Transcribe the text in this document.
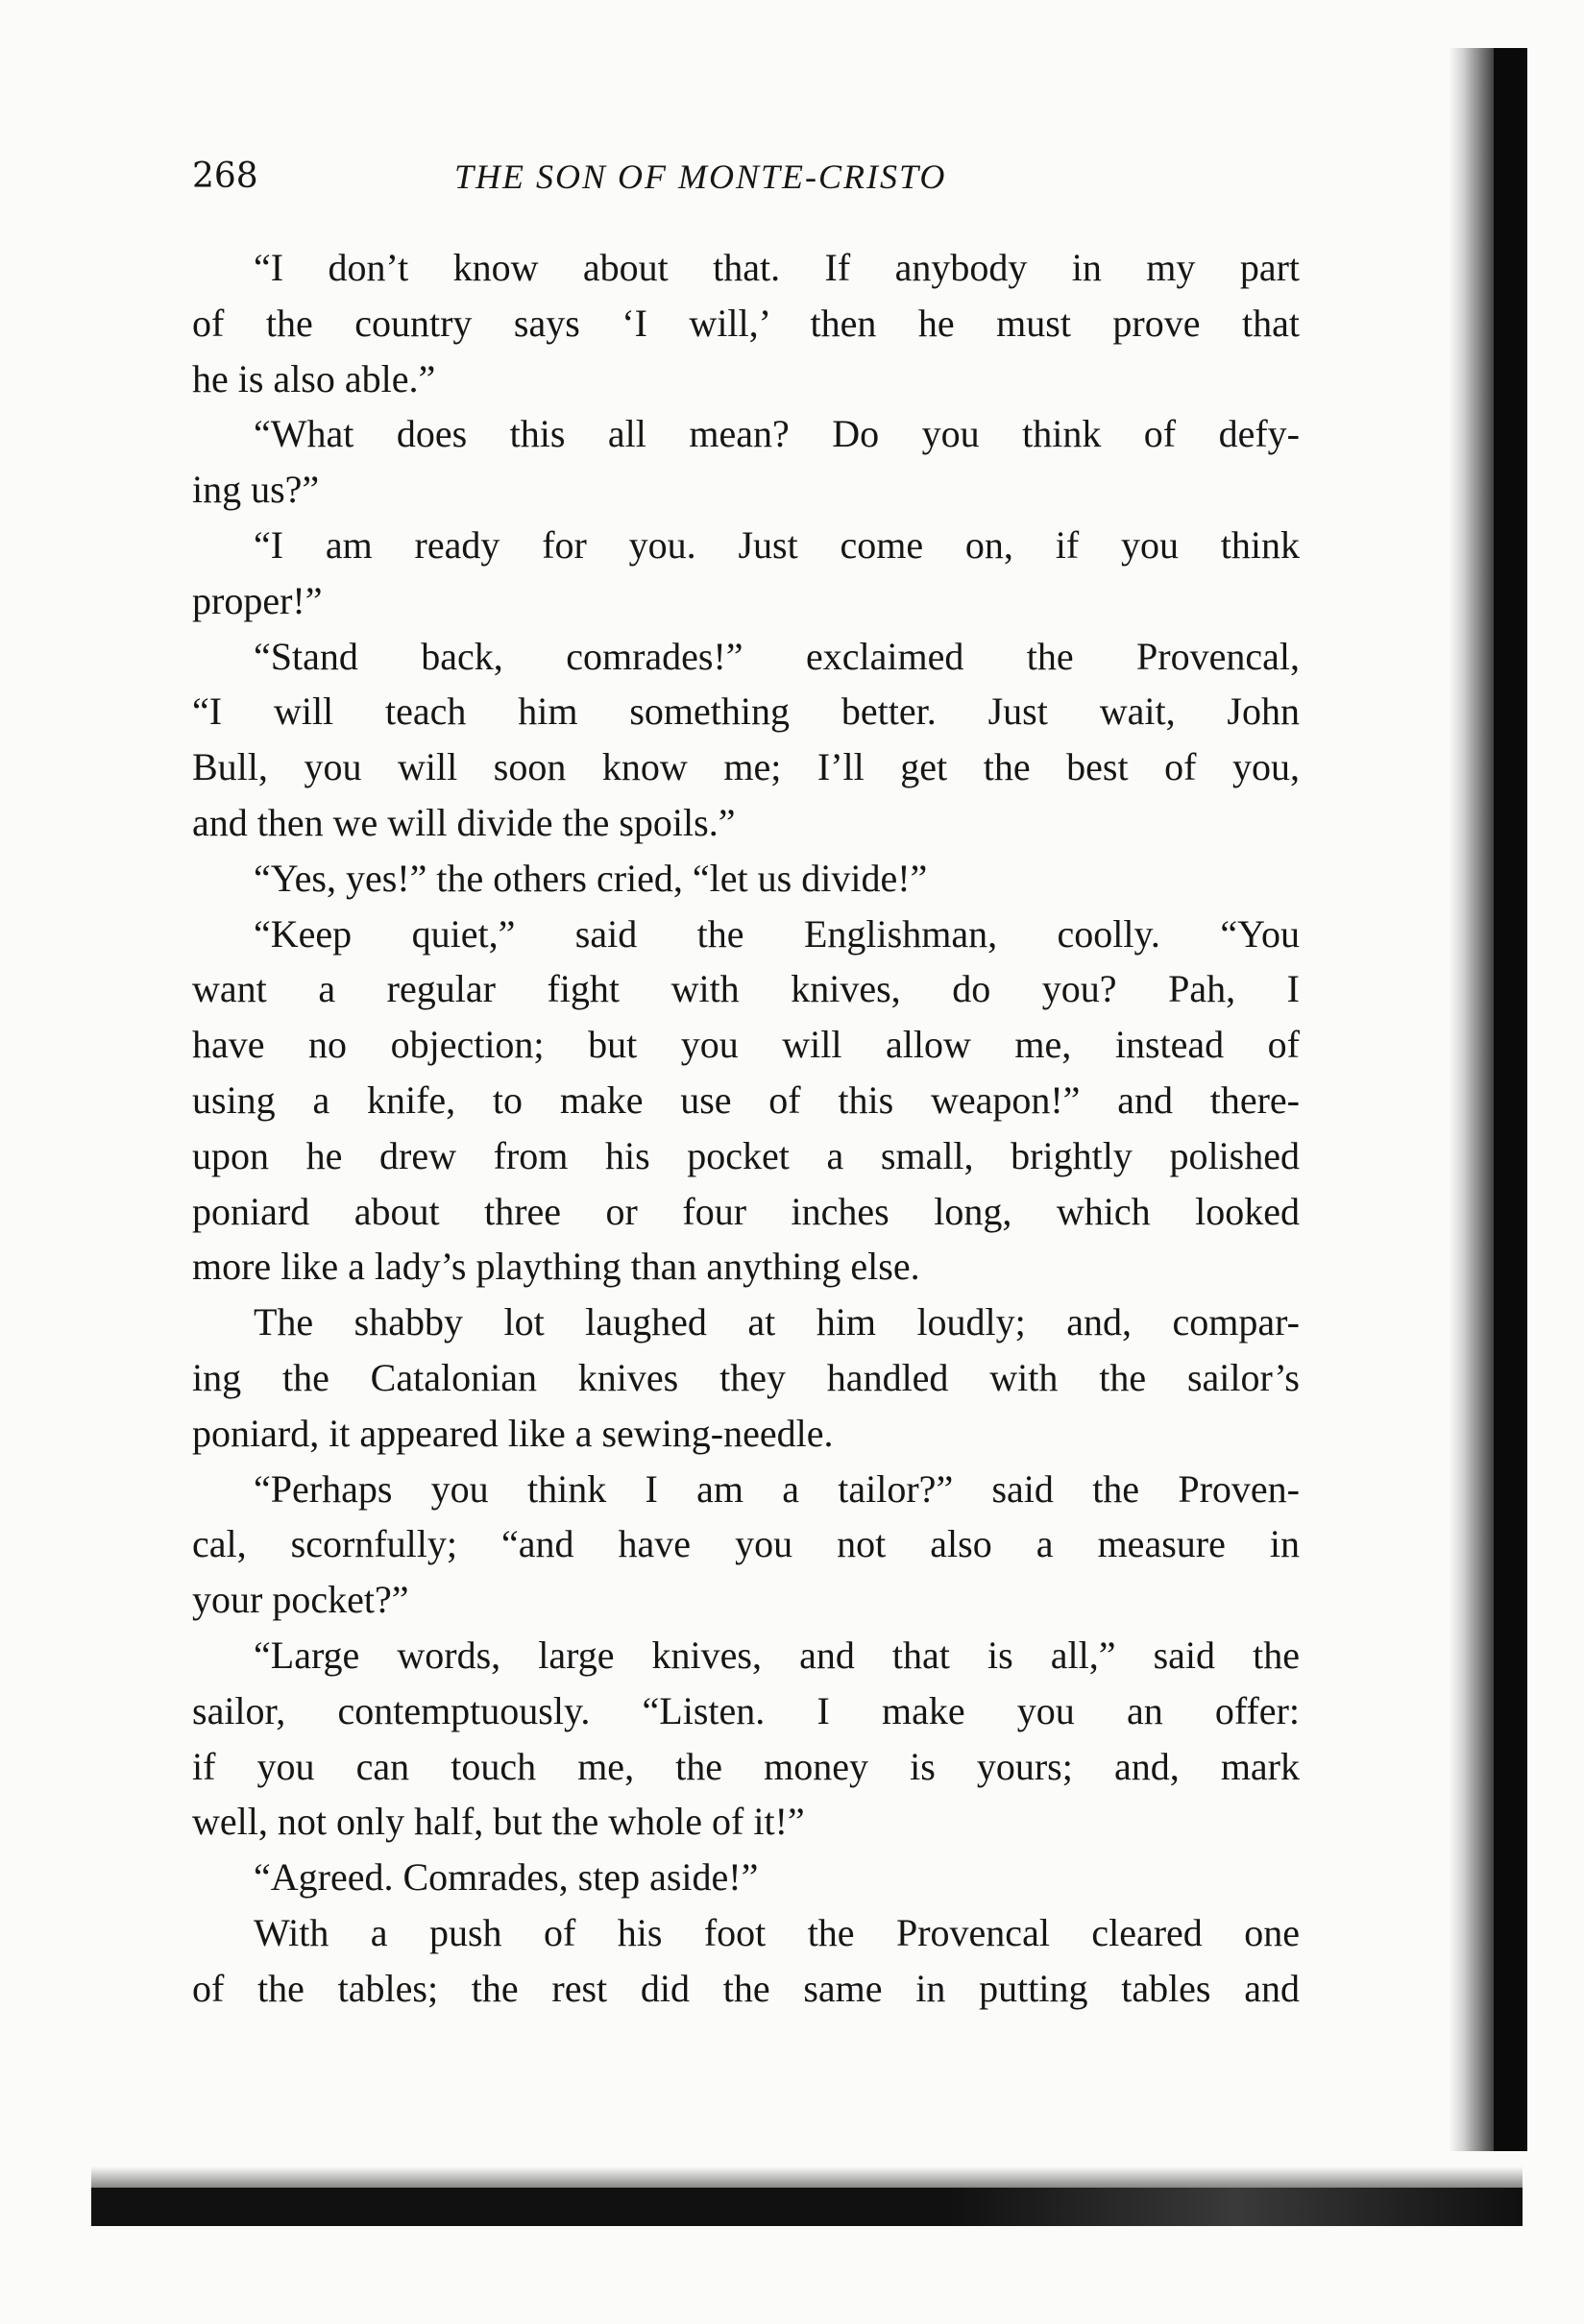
268	THE SON OF MONTE-CRISTO
“I don’t know about that. If anybody in my part
of the country says ‘I will,’ then he must prove that
he is also able.”
“What does this all mean? Do you think of defy-
ing us?”
“I am ready for you. Just come on, if you think
proper!”
“Stand back, comrades!” exclaimed the Provencal,
“I will teach him something better. Just wait, John
Bull, you will soon know me; I’ll get the best of you,
and then we will divide the spoils.”
“Yes, yes!” the others cried, “let us divide!”
“Keep quiet,” said the Englishman, coolly. “You
want a regular fight with knives, do you? Pah, I
have no objection; but you will allow me, instead of
using a knife, to make use of this weapon!” and there-
upon he drew from his pocket a small, brightly polished
poniard about three or four inches long, which looked
more like a lady’s plaything than anything else.
The shabby lot laughed at him loudly; and, compar-
ing the Catalonian knives they handled with the sailor’s
poniard, it appeared like a sewing-needle.
“Perhaps you think I am a tailor?” said the Proven-
cal, scornfully; “and have you not also a measure in
your pocket?”
“Large words, large knives, and that is all,” said the
sailor, contemptuously. “Listen. I make you an offer:
if you can touch me, the money is yours; and, mark
well, not only half, but the whole of it!”
“Agreed. Comrades, step aside!”
With a push of his foot the Provencal cleared one
of the tables; the rest did the same in putting tables and
